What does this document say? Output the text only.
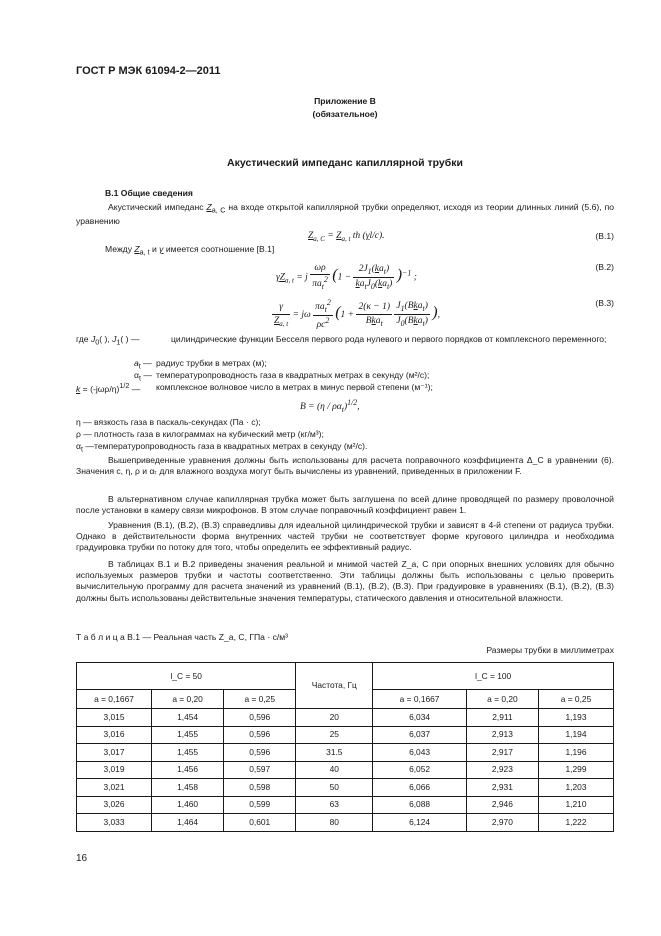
ГОСТ Р МЭК 61094-2—2011
Приложение B
(обязательное)
Акустический импеданс капиллярной трубки
B.1 Общие сведения
Акустический импеданс $Z_{a, C}$ на входе открытой капиллярной трубки определяют, исходя из теории длинных линий (5.6), по уравнению
$Z_{a, C} = Z_{a, t}$ th (γl/c).	(B.1)
Между $Z_{a, t}$ и γ имеется соотношение [B.1]
$\gamma Z_{a, t} = j \frac{\omega\rho}{\pi a_t^2} (1 - \frac{2J_1(ka_t)}{ka_tJ_0(ka_t)} )^{-1}$ ;
(B.2)
$\frac{\gamma}{Z_{a, t}} = j\omega \frac{\pi a_t^2}{\rho c^2} (1 + \frac{2(\kappa - 1)}{Bka_t}$
$\frac{J_1(Bka_t)}{J_0(Bka_t)}$ ),
(B.3)
где $J_0$( ), $J_1$( ) —	цилиндрические функции Бесселя первого рода нулевого и первого порядков от комплексного переменного;
$a_t$ — радиус трубки в метрах (м);
$\alpha_t$ — температуропроводность газа в квадратных метрах в секунду (м²/с);
$k = (-j\omega\rho/\eta)^{1/2}$ — комплексное волновое число в метрах в минус первой степени (м⁻¹);
$B = (\eta / \rho\alpha_t)^{1/2}$,
η — вязкость газа в паскаль-секундах (Па · с);
ρ — плотность газа в килограммах на кубический метр (кг/м³);
$\alpha_t$ — температуропроводность газа в квадратных метрах в секунду (м²/с).
Вышеприведенные уравнения должны быть использованы для расчета поправочного коэффициента Δ_C в уравнении (6). Значения c, η, ρ и αₜ для влажного воздуха могут быть вычислены из уравнений, приведенных в приложении F.
В альтернативном случае капиллярная трубка может быть заглушена по всей длине проводящей по размеру проволочной после установки в камеру связи микрофонов. В этом случае поправочный коэффициент равен 1.
Уравнения (B.1), (B.2), (B.3) справедливы для идеальной цилиндрической трубки и зависят в 4-й степени от радиуса трубки. Однако в действительности форма внутренних частей трубки не соответствует форме кругового цилиндра и необходима градуировка трубки по потоку для того, чтобы определить ее эффективный радиус.
В таблицах B.1 и B.2 приведены значения реальной и мнимой частей Z_a, C при опорных внешних условиях для обычно используемых размеров трубки и частоты соответственно. Эти таблицы должны быть использованы с целью проверить вычислительную программу для расчета значений из уравнений (B.1), (B.2), (B.3). При градуировке в уравнениях (B.1), (B.2), (B.3) должны быть использованы действительные значения температуры, статического давления и относительной влажности.
Т а б л и ц а B.1 — Реальная часть Z_a, C, ГПа · с/м³
Размеры трубки в миллиметрах
l_C = 50			Частота, Гц	l_C = 100		
a = 0,1667	a = 0,20	a = 0,25		a = 0,1667	a = 0,20	a = 0,25
3,015	1,454	0,596	20	6,034	2,911	1,193
3,016	1,455	0,596	25	6,037	2,913	1,194
3,017	1,455	0,596	31.5	6,043	2,917	1,196
3,019	1,456	0,597	40	6,052	2,923	1,299
3,021	1,458	0,598	50	6,066	2,931	1,203
3,026	1,460	0,599	63	6,088	2,946	1,210
3,033	1,464	0,601	80	6,124	2,970	1,222
16
